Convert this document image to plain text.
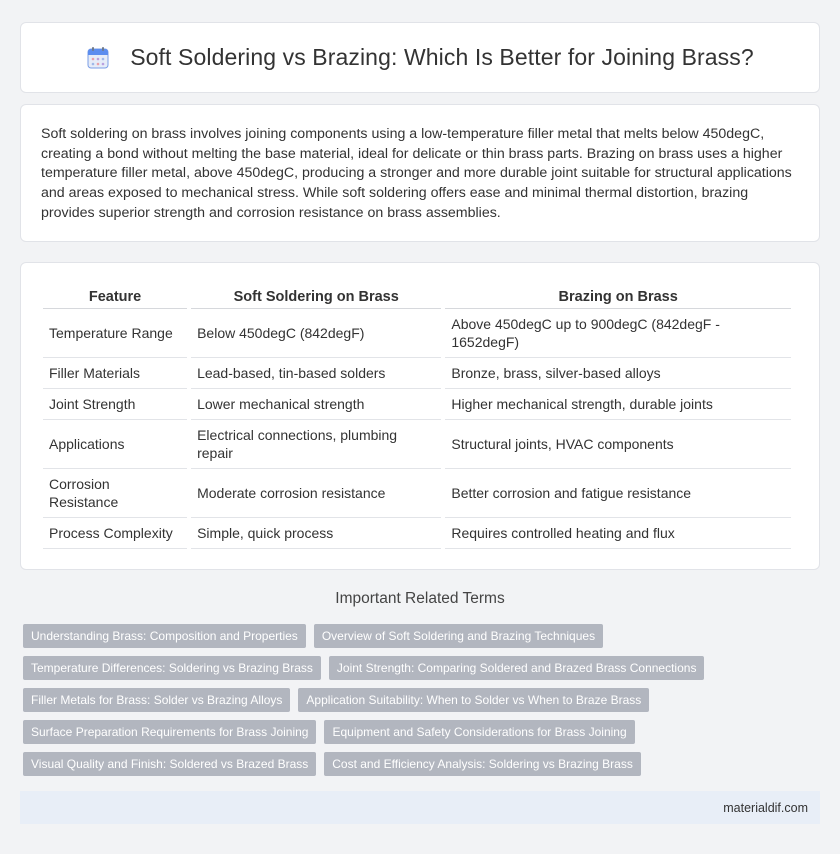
Soft Soldering vs Brazing: Which Is Better for Joining Brass?

Soft soldering on brass involves joining components using a low-temperature filler metal that melts below 450degC, creating a bond without melting the base material, ideal for delicate or thin brass parts. Brazing on brass uses a higher temperature filler metal, above 450degC, producing a stronger and more durable joint suitable for structural applications and areas exposed to mechanical stress. While soft soldering offers ease and minimal thermal distortion, brazing provides superior strength and corrosion resistance on brass assemblies.

Feature	Soft Soldering on Brass	Brazing on Brass
Temperature Range	Below 450degC (842degF)	Above 450degC up to 900degC (842degF - 1652degF)
Filler Materials	Lead-based, tin-based solders	Bronze, brass, silver-based alloys
Joint Strength	Lower mechanical strength	Higher mechanical strength, durable joints
Applications	Electrical connections, plumbing repair	Structural joints, HVAC components
Corrosion Resistance	Moderate corrosion resistance	Better corrosion and fatigue resistance
Process Complexity	Simple, quick process	Requires controlled heating and flux
Important Related Terms
Understanding Brass: Composition and Properties	Overview of Soft Soldering and Brazing Techniques
Temperature Differences: Soldering vs Brazing Brass	Joint Strength: Comparing Soldered and Brazed Brass Connections
Filler Metals for Brass: Solder vs Brazing Alloys	Application Suitability: When to Solder vs When to Braze Brass
Surface Preparation Requirements for Brass Joining	Equipment and Safety Considerations for Brass Joining
Visual Quality and Finish: Soldered vs Brazed Brass	Cost and Efficiency Analysis: Soldering vs Brazing Brass
materialdif.com
